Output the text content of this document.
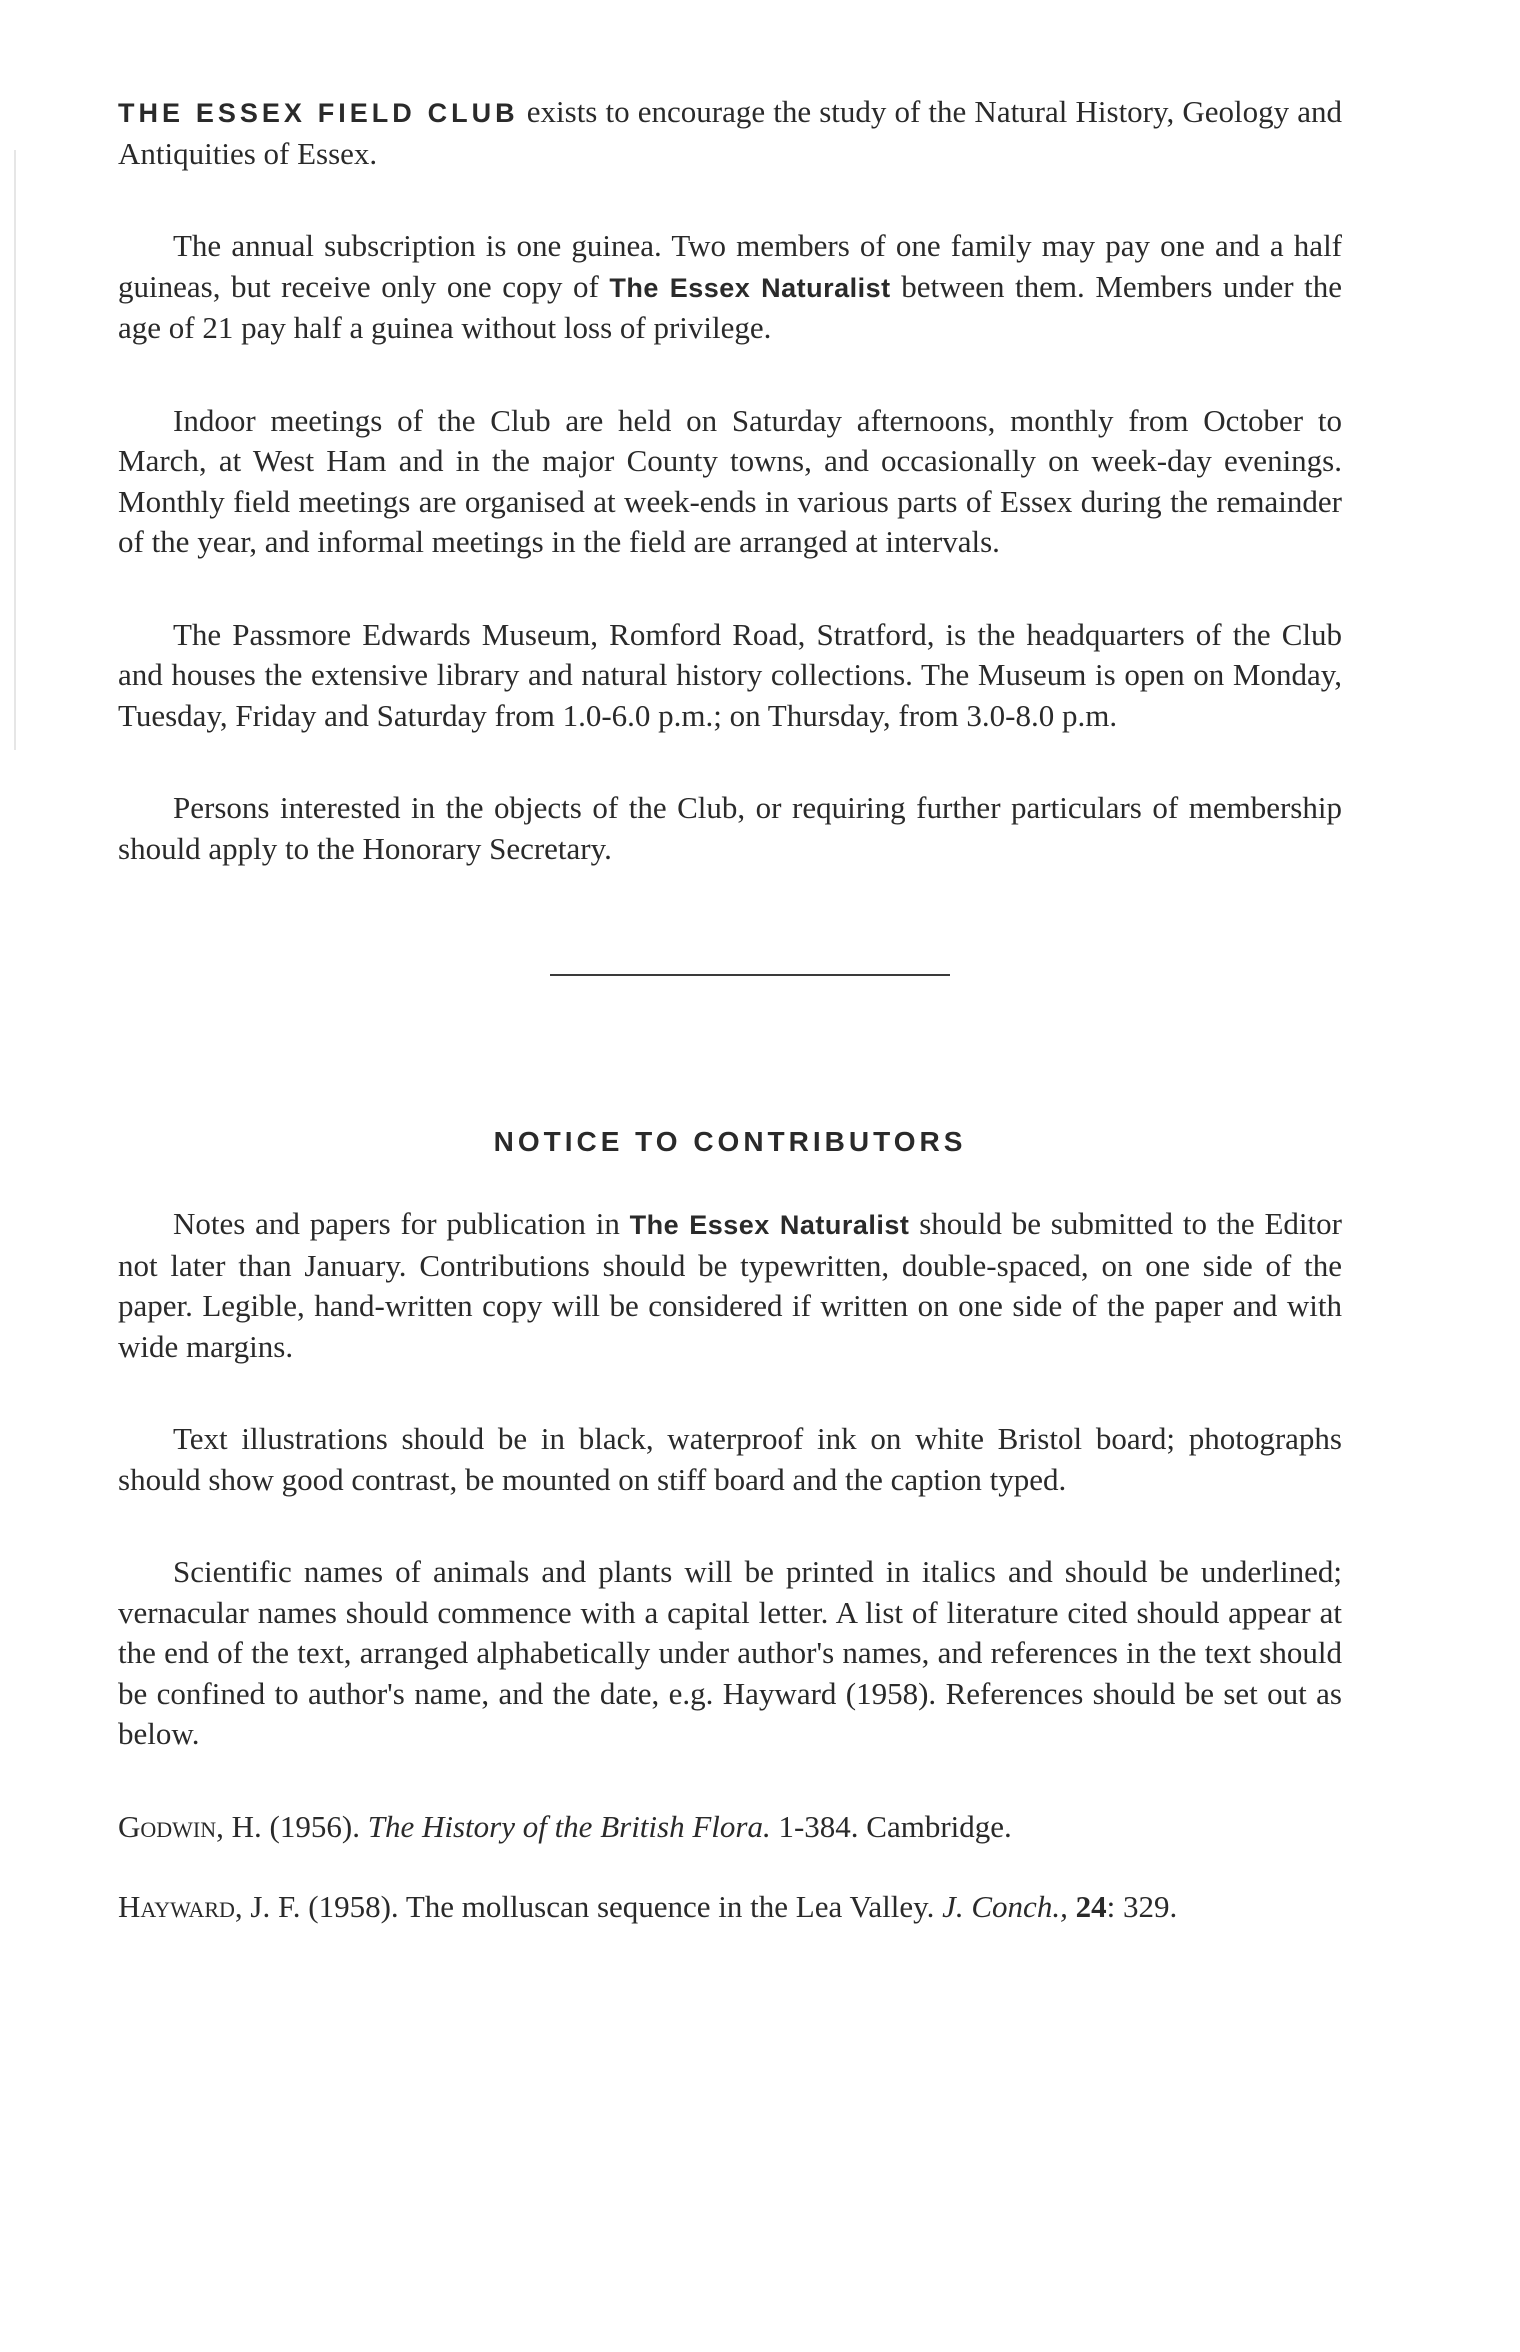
THE ESSEX FIELD CLUB exists to encourage the study of the Natural History, Geology and Antiquities of Essex.

The annual subscription is one guinea. Two members of one family may pay one and a half guineas, but receive only one copy of The Essex Naturalist between them. Members under the age of 21 pay half a guinea without loss of privilege.

Indoor meetings of the Club are held on Saturday afternoons, monthly from October to March, at West Ham and in the major County towns, and occasionally on week-day evenings. Monthly field meetings are organised at week-ends in various parts of Essex during the remainder of the year, and informal meetings in the field are arranged at intervals.

The Passmore Edwards Museum, Romford Road, Stratford, is the headquarters of the Club and houses the extensive library and natural history collections. The Museum is open on Monday, Tuesday, Friday and Saturday from 1.0-6.0 p.m.; on Thursday, from 3.0-8.0 p.m.

Persons interested in the objects of the Club, or requiring further particulars of membership should apply to the Honorary Secretary.

NOTICE TO CONTRIBUTORS

Notes and papers for publication in The Essex Naturalist should be submitted to the Editor not later than January. Contributions should be typewritten, double-spaced, on one side of the paper. Legible, hand-written copy will be considered if written on one side of the paper and with wide margins.

Text illustrations should be in black, waterproof ink on white Bristol board; photographs should show good contrast, be mounted on stiff board and the caption typed.

Scientific names of animals and plants will be printed in italics and should be underlined; vernacular names should commence with a capital letter. A list of literature cited should appear at the end of the text, arranged alphabetically under author's names, and references in the text should be confined to author's name, and the date, e.g. Hayward (1958). References should be set out as below.

Godwin, H. (1956). The History of the British Flora. 1-384. Cambridge.

Hayward, J. F. (1958). The molluscan sequence in the Lea Valley. J. Conch., 24: 329.
